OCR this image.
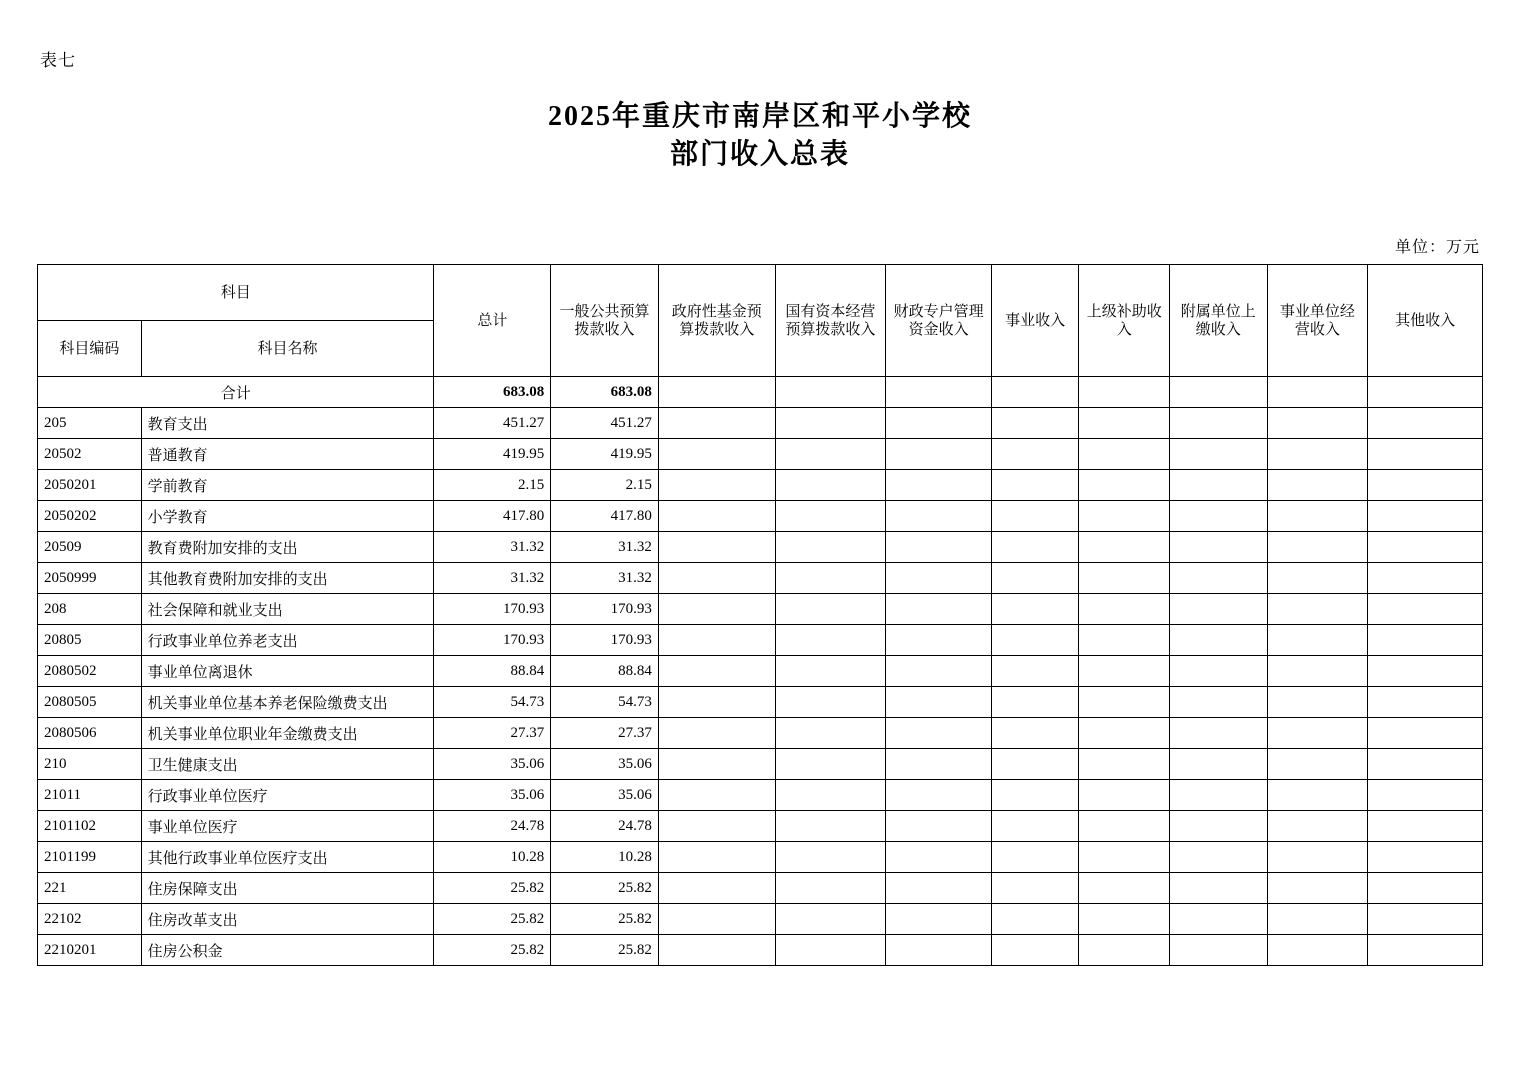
表七
2025年重庆市南岸区和平小学校
部门收入总表
单位：万元
科目		总计	一般公共预算拨款收入	政府性基金预算拨款收入	国有资本经营预算拨款收入	财政专户管理资金收入	事业收入	上级补助收入	附属单位上缴收入	事业单位经营收入	其他收入
科目编码	科目名称										
合计		683.08	683.08								
205	教育支出	451.27	451.27								
20502	普通教育	419.95	419.95								
2050201	学前教育	2.15	2.15								
2050202	小学教育	417.80	417.80								
20509	教育费附加安排的支出	31.32	31.32								
2050999	其他教育费附加安排的支出	31.32	31.32								
208	社会保障和就业支出	170.93	170.93								
20805	行政事业单位养老支出	170.93	170.93								
2080502	事业单位离退休	88.84	88.84								
2080505	机关事业单位基本养老保险缴费支出	54.73	54.73								
2080506	机关事业单位职业年金缴费支出	27.37	27.37								
210	卫生健康支出	35.06	35.06								
21011	行政事业单位医疗	35.06	35.06								
2101102	事业单位医疗	24.78	24.78								
2101199	其他行政事业单位医疗支出	10.28	10.28								
221	住房保障支出	25.82	25.82								
22102	住房改革支出	25.82	25.82								
2210201	住房公积金	25.82	25.82								
